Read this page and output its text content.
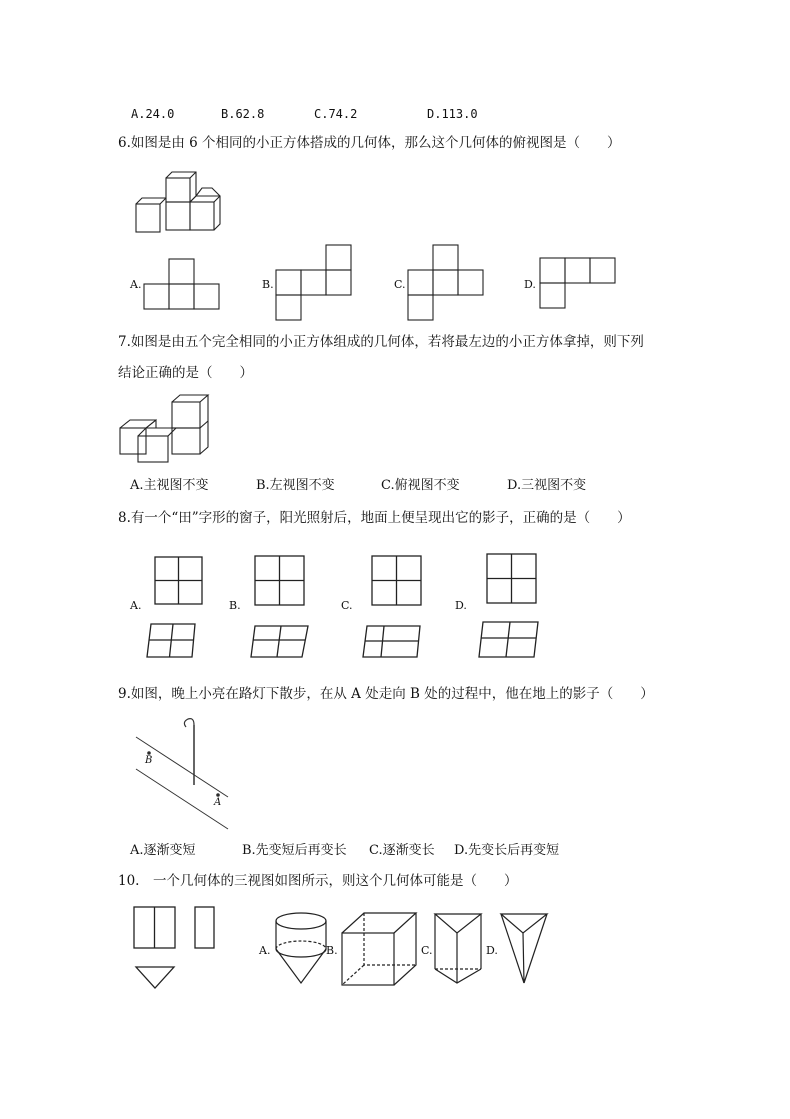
A.24.0	B.62.8	C.74.2	D.113.0
6.如图是由 6 个相同的小正方体搭成的几何体，那么这个几何体的俯视图是（　　）
A.	B.	C.	D.
7.如图是由五个完全相同的小正方体组成的几何体，若将最左边的小正方体拿掉，则下列
结论正确的是（　　）
A.主视图不变	B.左视图不变	C.俯视图不变	D.三视图不变
8.有一个“田”字形的窗子，阳光照射后，地面上便呈现出它的影子，正确的是（　　）
A.	B.	C.	D.
9.如图，晚上小亮在路灯下散步，在从 A 处走向 B 处的过程中，他在地上的影子（　　）
B
A
A.逐渐变短	B.先变短后再变长 C.逐渐变长 D.先变长后再变短
10.　一个几何体的三视图如图所示，则这个几何体可能是（　　）
A.	B.	C.	D.
